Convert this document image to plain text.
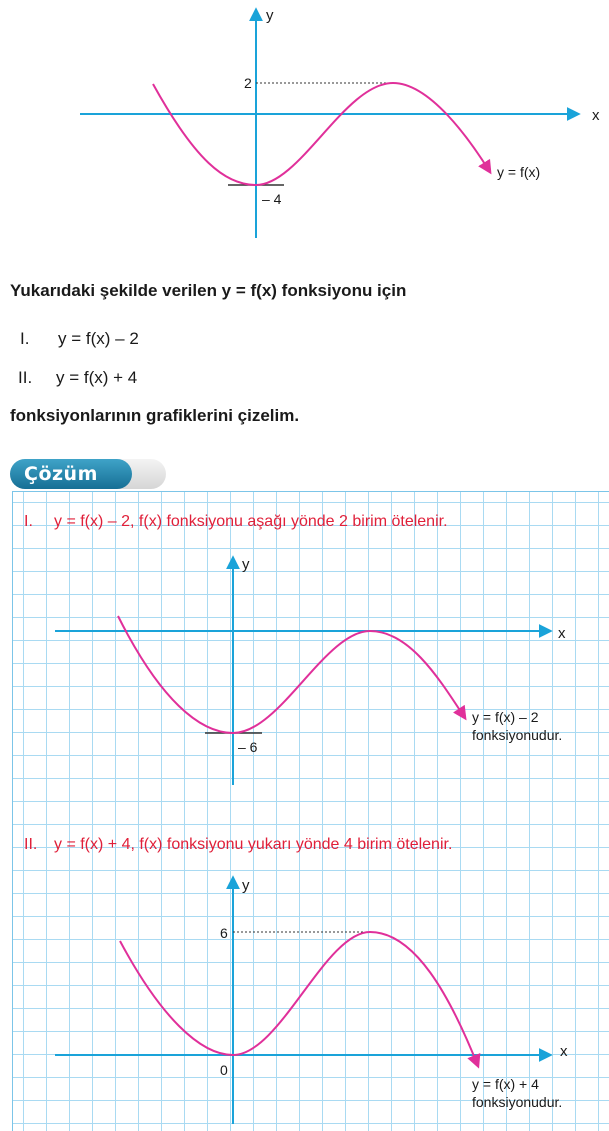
x
y
2
– 4
y = f(x)
Yukarıdaki şekilde verilen y = f(x) fonksiyonu için
I. y = f(x) – 2
II. y = f(x) + 4
fonksiyonlarının grafiklerini çizelim.
Çözüm
I. y = f(x) – 2, f(x) fonksiyonu aşağı yönde 2 birim ötelenir.
x
y
– 6
y = f(x) – 2
fonksiyonudur.
II. y = f(x) + 4, f(x) fonksiyonu yukarı yönde 4 birim ötelenir.
x
y
6
0
y = f(x) + 4
fonksiyonudur.
